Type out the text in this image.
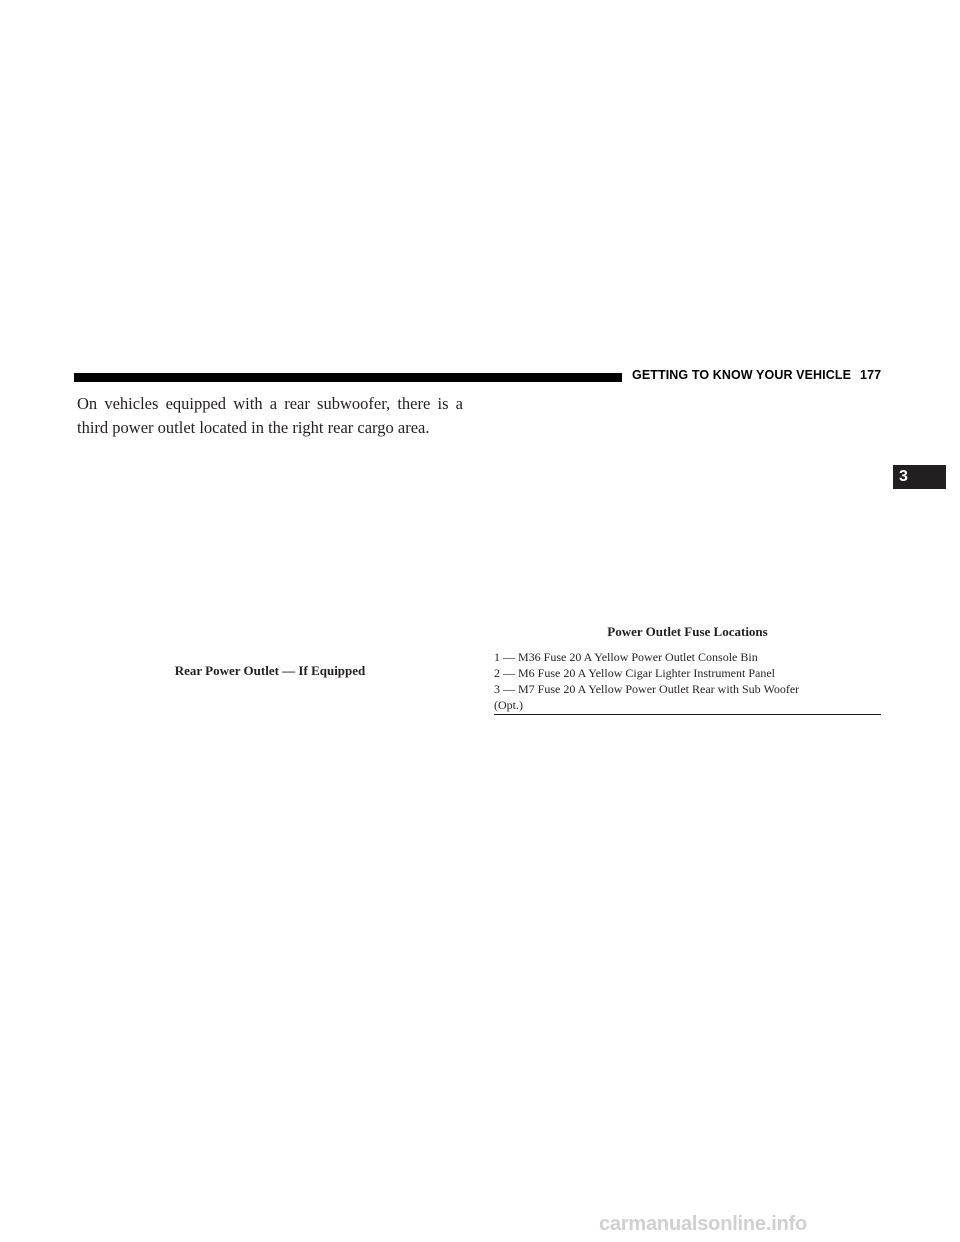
GETTING TO KNOW YOUR VEHICLE 177
On vehicles equipped with a rear subwoofer, there is a
third power outlet located in the right rear cargo area.
3
Rear Power Outlet — If Equipped
Power Outlet Fuse Locations
1 — M36 Fuse 20 A Yellow Power Outlet Console Bin
2 — M6 Fuse 20 A Yellow Cigar Lighter Instrument Panel
3 — M7 Fuse 20 A Yellow Power Outlet Rear with Sub Woofer
(Opt.)
carmanualsonline.info
